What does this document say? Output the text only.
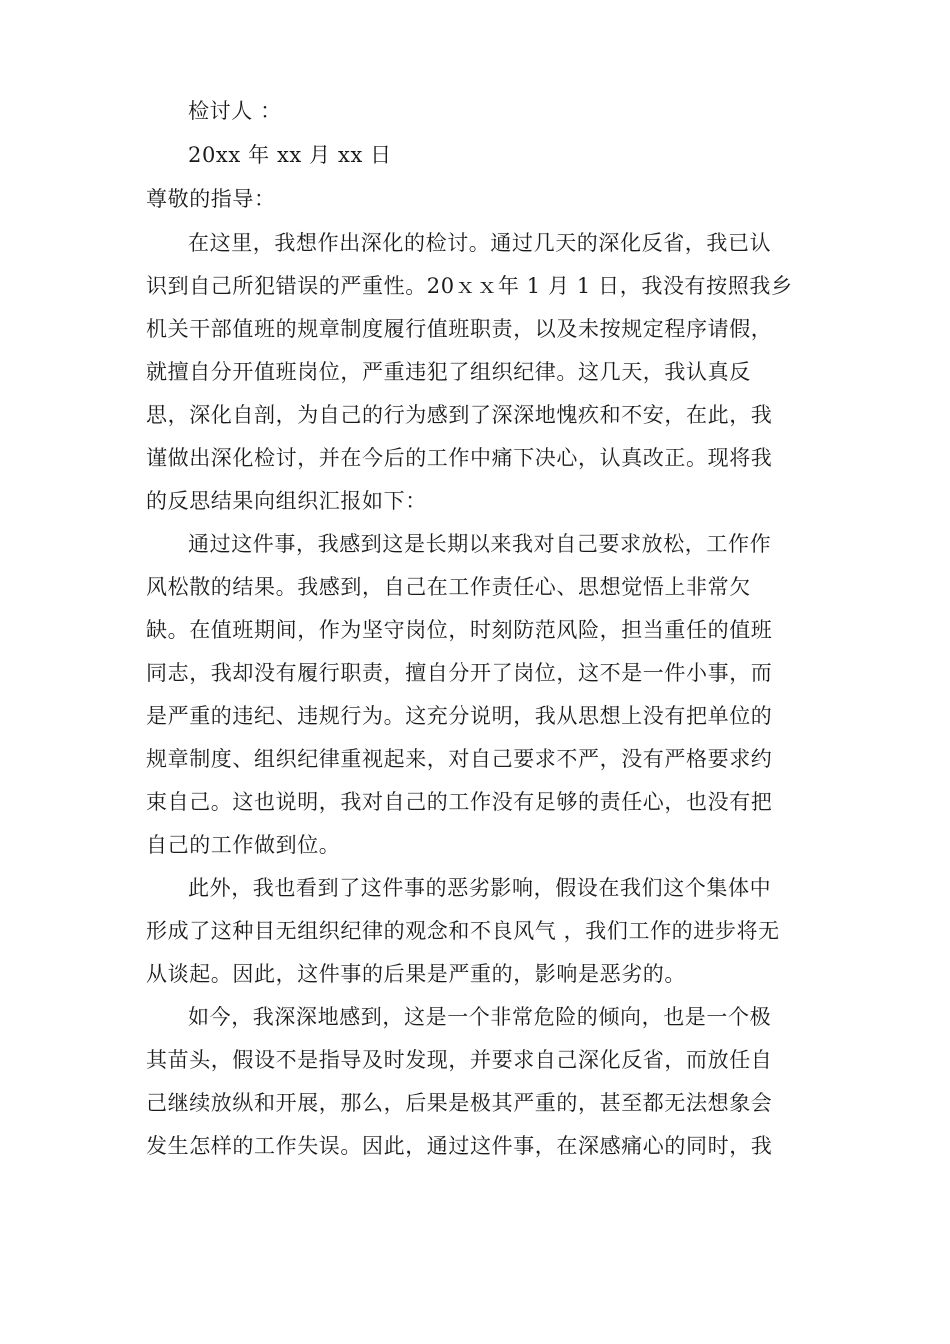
检讨人 ：
20xx 年 xx 月 xx 日
尊敬的指导：
在这里，我想作出深化的检讨。通过几天的深化反省，我已认
识到自己所犯错误的严重性。20ｘｘ年 1 月 1 日，我没有按照我乡
机关干部值班的规章制度履行值班职责，以及未按规定程序请假，
就擅自分开值班岗位，严重违犯了组织纪律。这几天，我认真反
思，深化自剖，为自己的行为感到了深深地愧疚和不安，在此，我
谨做出深化检讨，并在今后的工作中痛下决心，认真改正。现将我
的反思结果向组织汇报如下：
通过这件事，我感到这是长期以来我对自己要求放松，工作作
风松散的结果。我感到，自己在工作责任心、思想觉悟上非常欠
缺。在值班期间，作为坚守岗位，时刻防范风险，担当重任的值班
同志，我却没有履行职责，擅自分开了岗位，这不是一件小事，而
是严重的违纪、违规行为。这充分说明，我从思想上没有把单位的
规章制度、组织纪律重视起来，对自己要求不严，没有严格要求约
束自己。这也说明，我对自己的工作没有足够的责任心，也没有把
自己的工作做到位。
此外，我也看到了这件事的恶劣影响，假设在我们这个集体中
形成了这种目无组织纪律的观念和不良风气 ，我们工作的进步将无
从谈起。因此，这件事的后果是严重的，影响是恶劣的。
如今，我深深地感到，这是一个非常危险的倾向，也是一个极
其苗头，假设不是指导及时发现，并要求自己深化反省，而放任自
己继续放纵和开展，那么，后果是极其严重的，甚至都无法想象会
发生怎样的工作失误。因此，通过这件事，在深感痛心的同时，我
